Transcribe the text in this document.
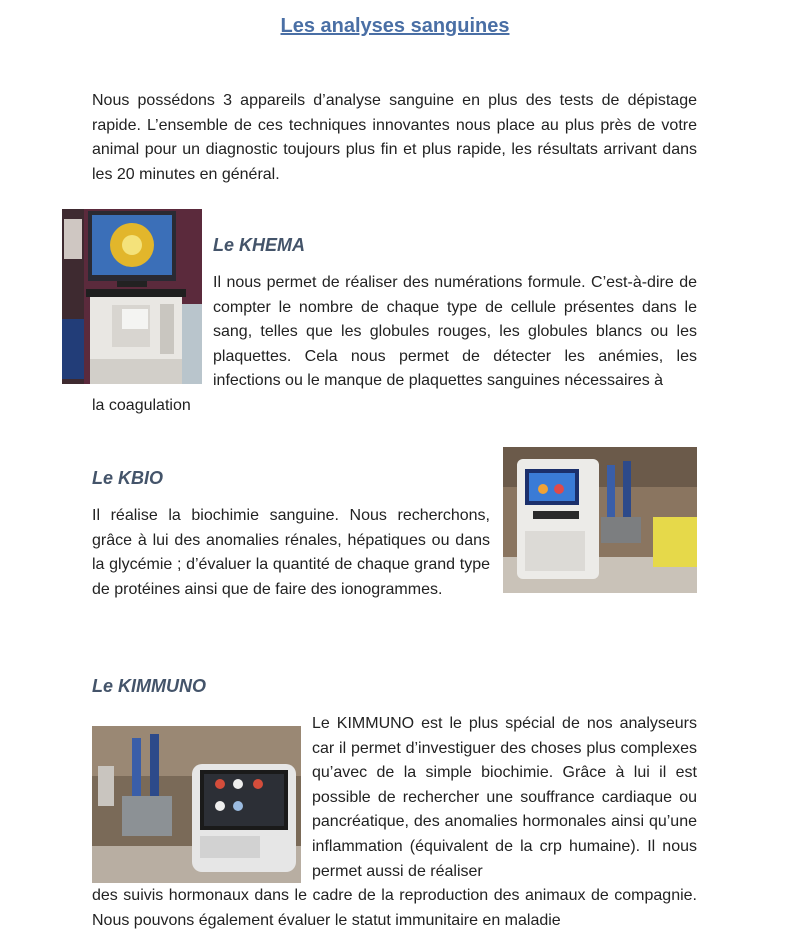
Les analyses sanguines
Nous possédons 3 appareils d’analyse sanguine en plus des tests de dépistage rapide. L’ensemble de ces techniques innovantes nous place au plus près de votre animal pour un diagnostic toujours plus fin et plus rapide, les résultats arrivant dans les 20 minutes en général.
Le KHEMA
Il nous permet de réaliser des numérations formule. C’est-à-dire de compter le nombre de chaque type de cellule présentes dans le sang, telles que les globules rouges, les globules blancs ou les plaquettes. Cela nous permet de détecter les anémies, les infections ou le manque de plaquettes sanguines nécessaires à
la coagulation
Le KBIO
Il réalise la biochimie sanguine. Nous recherchons, grâce à lui des anomalies rénales, hépatiques ou dans la glycémie ; d’évaluer la quantité de chaque grand type de protéines ainsi que de faire des ionogrammes.
Le KIMMUNO
Le KIMMUNO est le plus spécial de nos analyseurs car il permet d’investiguer des choses plus complexes qu’avec de la simple biochimie. Grâce à lui il est possible de rechercher une souffrance cardiaque ou pancréatique, des anomalies hormonales ainsi qu’une inflammation (équivalent de la crp humaine). Il nous permet aussi de réaliser
des suivis hormonaux dans le cadre de la reproduction des animaux de compagnie. Nous pouvons également évaluer le statut immunitaire en maladie
